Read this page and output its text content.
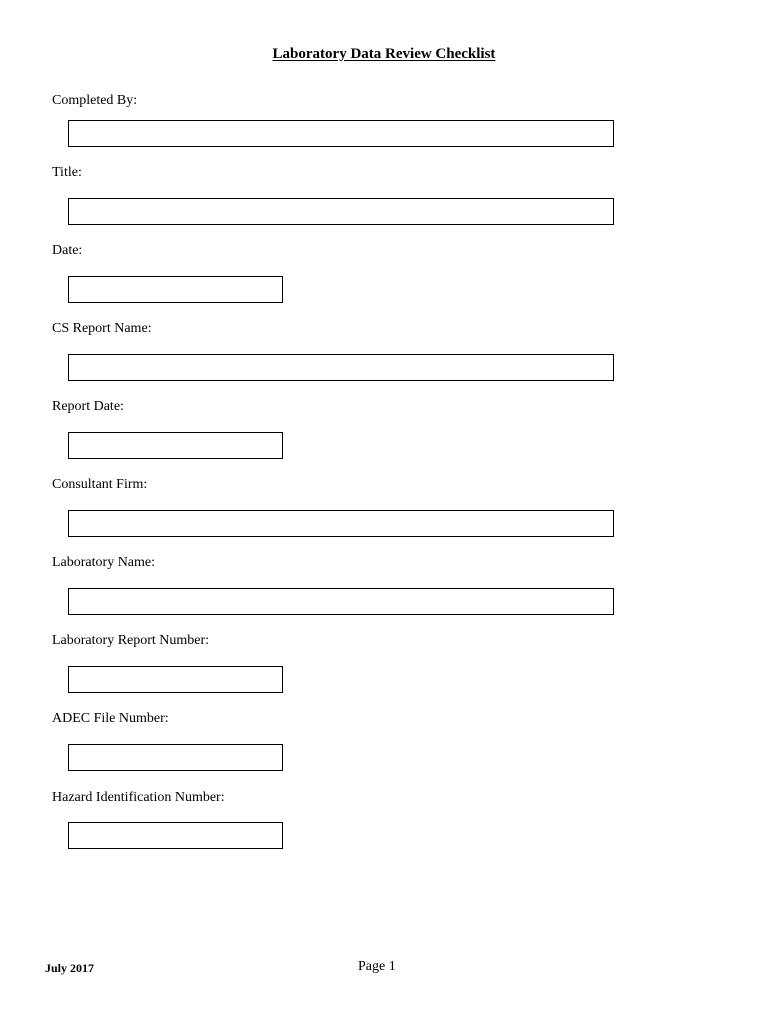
Laboratory Data Review Checklist
Completed By:
Title:
Date:
CS Report Name:
Report Date:
Consultant Firm:
Laboratory Name:
Laboratory Report Number:
ADEC File Number:
Hazard Identification Number:
July 2017	Page 1
